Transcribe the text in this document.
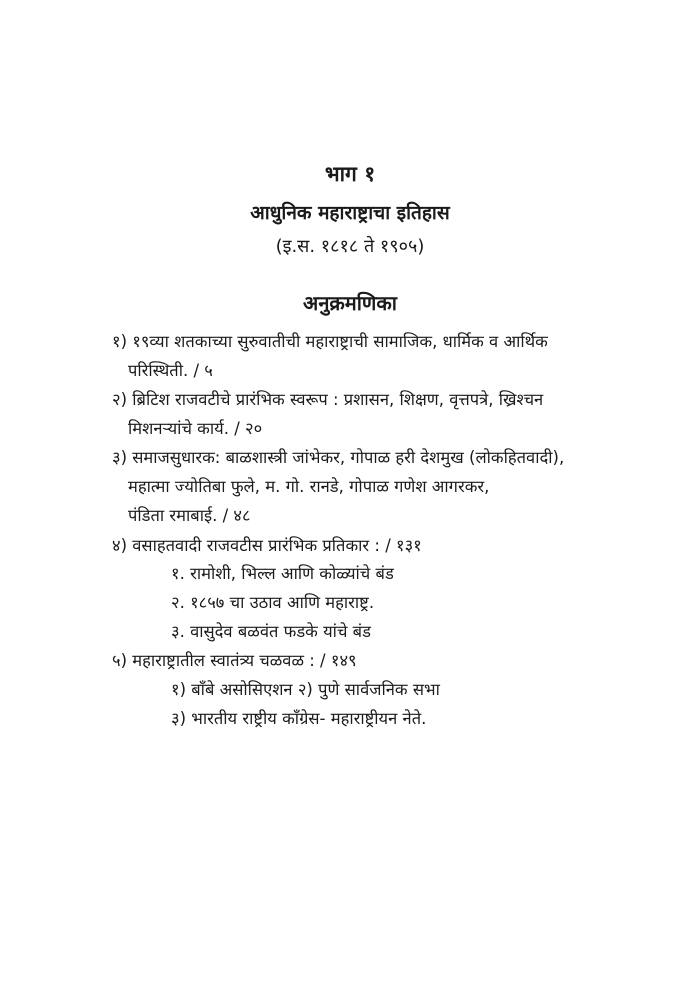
भाग १
आधुनिक महाराष्ट्राचा इतिहास
(इ.स. १८१८ ते १९०५)
अनुक्रमणिका
१) १९व्या शतकाच्या सुरुवातीची महाराष्ट्राची सामाजिक, धार्मिक व आर्थिक
परिस्थिती. / ५
२) ब्रिटिश राजवटीचे प्रारंभिक स्वरूप : प्रशासन, शिक्षण, वृत्तपत्रे, ख्रिश्चन
मिशनऱ्यांचे कार्य. / २०
३) समाजसुधारक: बाळशास्त्री जांभेकर, गोपाळ हरी देशमुख (लोकहितवादी),
महात्मा ज्योतिबा फुले, म. गो. रानडे, गोपाळ गणेश आगरकर,
पंडिता रमाबाई. / ४८
४) वसाहतवादी राजवटीस प्रारंभिक प्रतिकार : / १३१
१. रामोशी, भिल्ल आणि कोळ्यांचे बंड
२. १८५७ चा उठाव आणि महाराष्ट्र.
३. वासुदेव बळवंत फडके यांचे बंड
५) महाराष्ट्रातील स्वातंत्र्य चळवळ : / १४९
१) बाँबे असोसिएशन २) पुणे सार्वजनिक सभा
३) भारतीय राष्ट्रीय काँग्रेस- महाराष्ट्रीयन नेते.
